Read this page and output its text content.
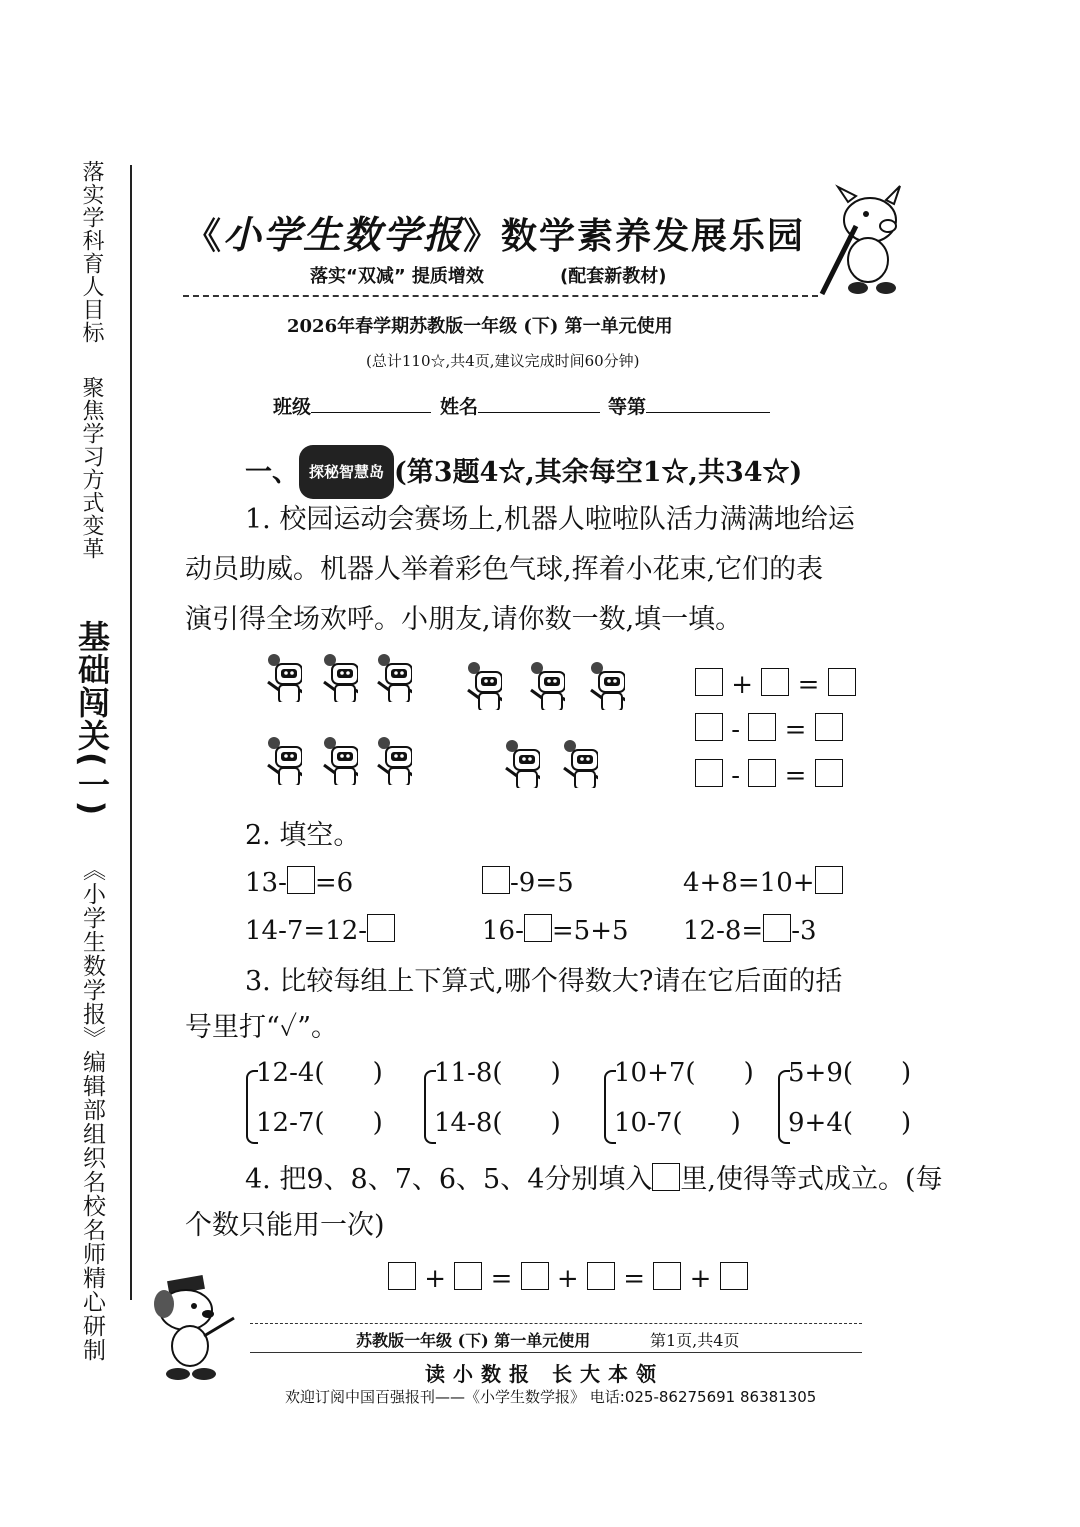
落实学科育人目标
聚焦学习方式变革
基础闯关(一)
《小学生数学报》编辑部组织名校名师精心研制
《小学生数学报》数学素养发展乐园
落实“双减” 提质增效	(配套新教材)
2026年春学期苏教版一年级 (下) 第一单元使用
(总计110☆,共4页,建议完成时间60分钟)
班级	姓名	等第
一、 探秘智慧岛 (第3题4☆,其余每空1☆,共34☆)
1. 校园运动会赛场上,机器人啦啦队活力满满地给运
动员助威。机器人举着彩色气球,挥着小花束,它们的表
演引得全场欢呼。小朋友,请你数一数,填一填。
+ =
- =
- =
2. 填空。
13- =6	-9=5	4+8=10+
14-7=12-	16- =5+5 12-8= -3
3. 比较每组上下算式,哪个得数大?请在它后面的括
号里打“✓”。
12-4( )
12-7( )
11-8( )
14-8( )
10+7( )
10-7( )
5+9( )
9+4( )
4. 把9、8、7、6、5、4分别填入 里,使得等式成立。(每
个数只能用一次)
+ = + = +
苏教版一年级 (下) 第一单元使用	第1页,共4页
读小数报 长大本领
欢迎订阅中国百强报刊——《小学生数学报》 电话:025-86275691 86381305
